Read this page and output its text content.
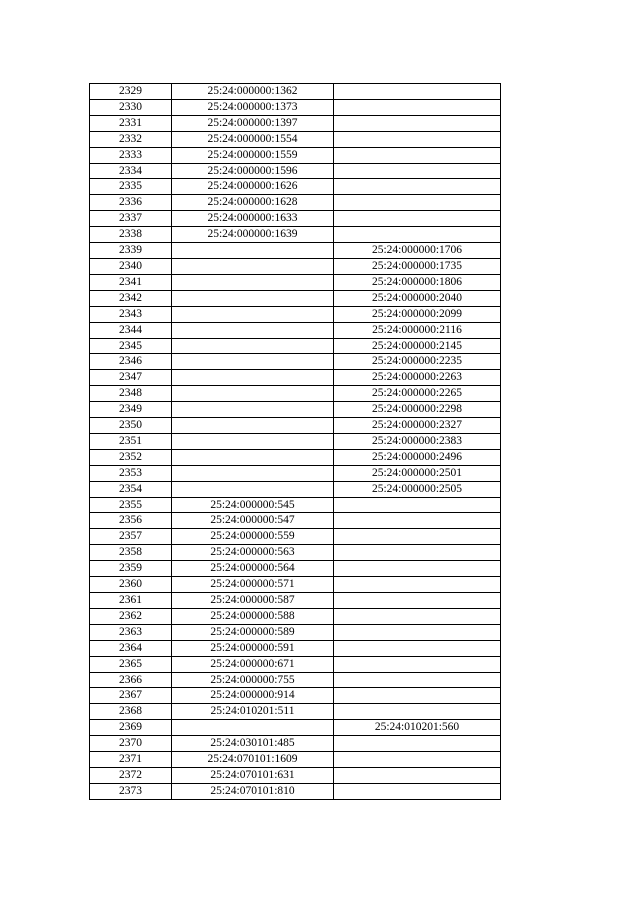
2329	25:24:000000:1362	
2330	25:24:000000:1373	
2331	25:24:000000:1397	
2332	25:24:000000:1554	
2333	25:24:000000:1559	
2334	25:24:000000:1596	
2335	25:24:000000:1626	
2336	25:24:000000:1628	
2337	25:24:000000:1633	
2338	25:24:000000:1639	
2339		25:24:000000:1706
2340		25:24:000000:1735
2341		25:24:000000:1806
2342		25:24:000000:2040
2343		25:24:000000:2099
2344		25:24:000000:2116
2345		25:24:000000:2145
2346		25:24:000000:2235
2347		25:24:000000:2263
2348		25:24:000000:2265
2349		25:24:000000:2298
2350		25:24:000000:2327
2351		25:24:000000:2383
2352		25:24:000000:2496
2353		25:24:000000:2501
2354		25:24:000000:2505
2355	25:24:000000:545	
2356	25:24:000000:547	
2357	25:24:000000:559	
2358	25:24:000000:563	
2359	25:24:000000:564	
2360	25:24:000000:571	
2361	25:24:000000:587	
2362	25:24:000000:588	
2363	25:24:000000:589	
2364	25:24:000000:591	
2365	25:24:000000:671	
2366	25:24:000000:755	
2367	25:24:000000:914	
2368	25:24:010201:511	
2369		25:24:010201:560
2370	25:24:030101:485	
2371	25:24:070101:1609	
2372	25:24:070101:631	
2373	25:24:070101:810	
